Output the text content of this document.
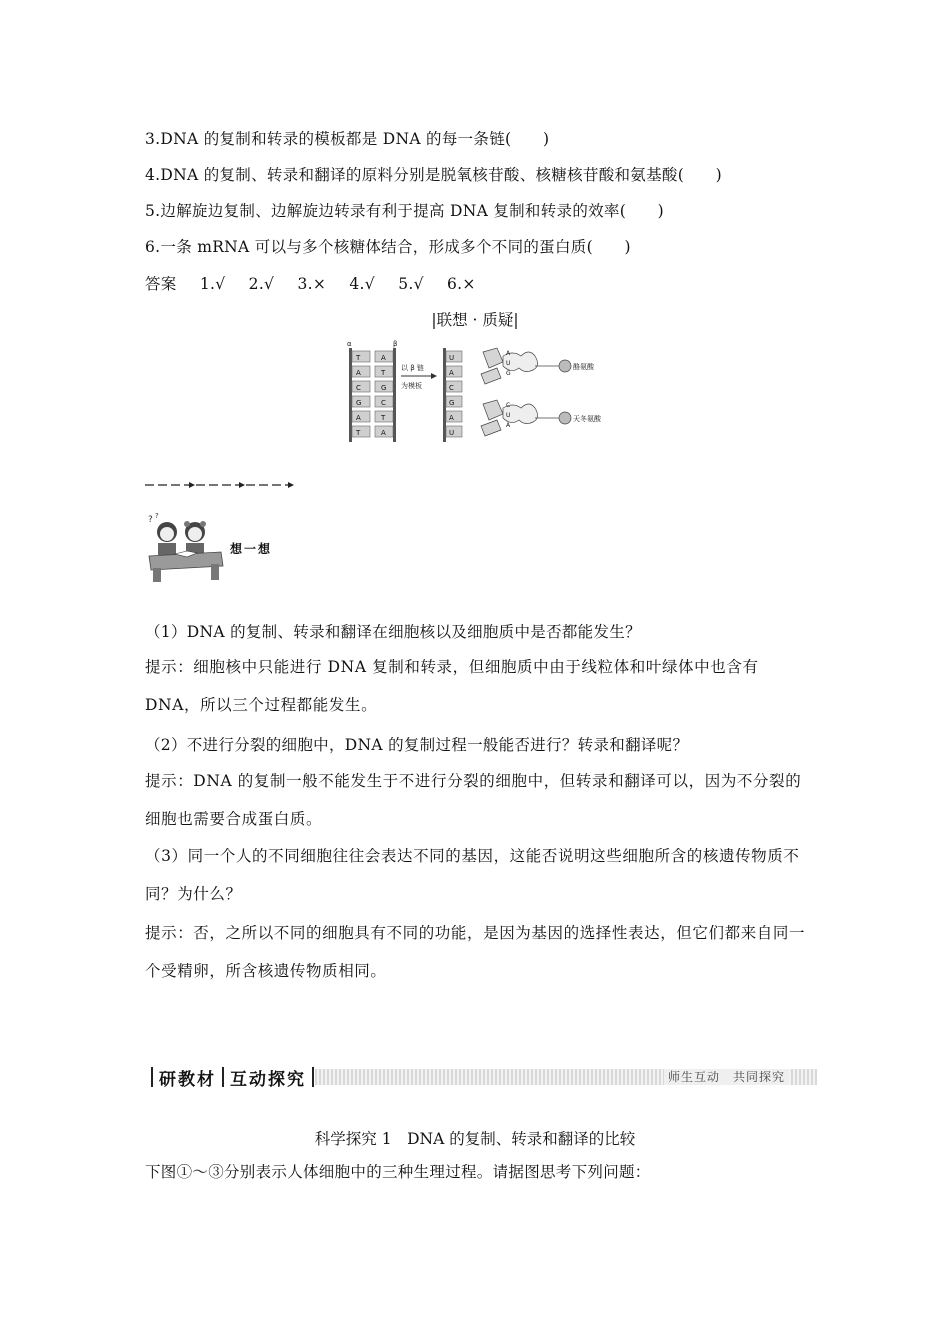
3.DNA 的复制和转录的模板都是 DNA 的每一条链(　　)
4.DNA 的复制、转录和翻译的原料分别是脱氧核苷酸、核糖核苷酸和氨基酸(　　)
5.边解旋边复制、边解旋边转录有利于提高 DNA 复制和转录的效率(　　)
6.一条 mRNA 可以与多个核糖体结合，形成多个不同的蛋白质(　　)
答案 1.√ 2.√ 3.× 4.√ 5.√ 6.×
|联想 · 质疑|
α	β
T
A
C
G
A
T
A
T
G
C
T
A
以 β 链
为模板
U
A
C
G
A
U
A
U
G
酪氨酸
C
U
A
天冬氨酸
? ?
想一想
（1）DNA 的复制、转录和翻译在细胞核以及细胞质中是否都能发生？
提示：细胞核中只能进行 DNA 复制和转录，但细胞质中由于线粒体和叶绿体中也含有 DNA，所以三个过程都能发生。
（2）不进行分裂的细胞中，DNA 的复制过程一般能否进行？转录和翻译呢？
提示：DNA 的复制一般不能发生于不进行分裂的细胞中，但转录和翻译可以，因为不分裂的细胞也需要合成蛋白质。
（3）同一个人的不同细胞往往会表达不同的基因，这能否说明这些细胞所含的核遗传物质不同？为什么？
提示：否，之所以不同的细胞具有不同的功能，是因为基因的选择性表达，但它们都来自同一个受精卵，所含核遗传物质相同。
研教材 互动探究	师生互动　共同探究
科学探究 1　DNA 的复制、转录和翻译的比较
下图①～③分别表示人体细胞中的三种生理过程。请据图思考下列问题：
